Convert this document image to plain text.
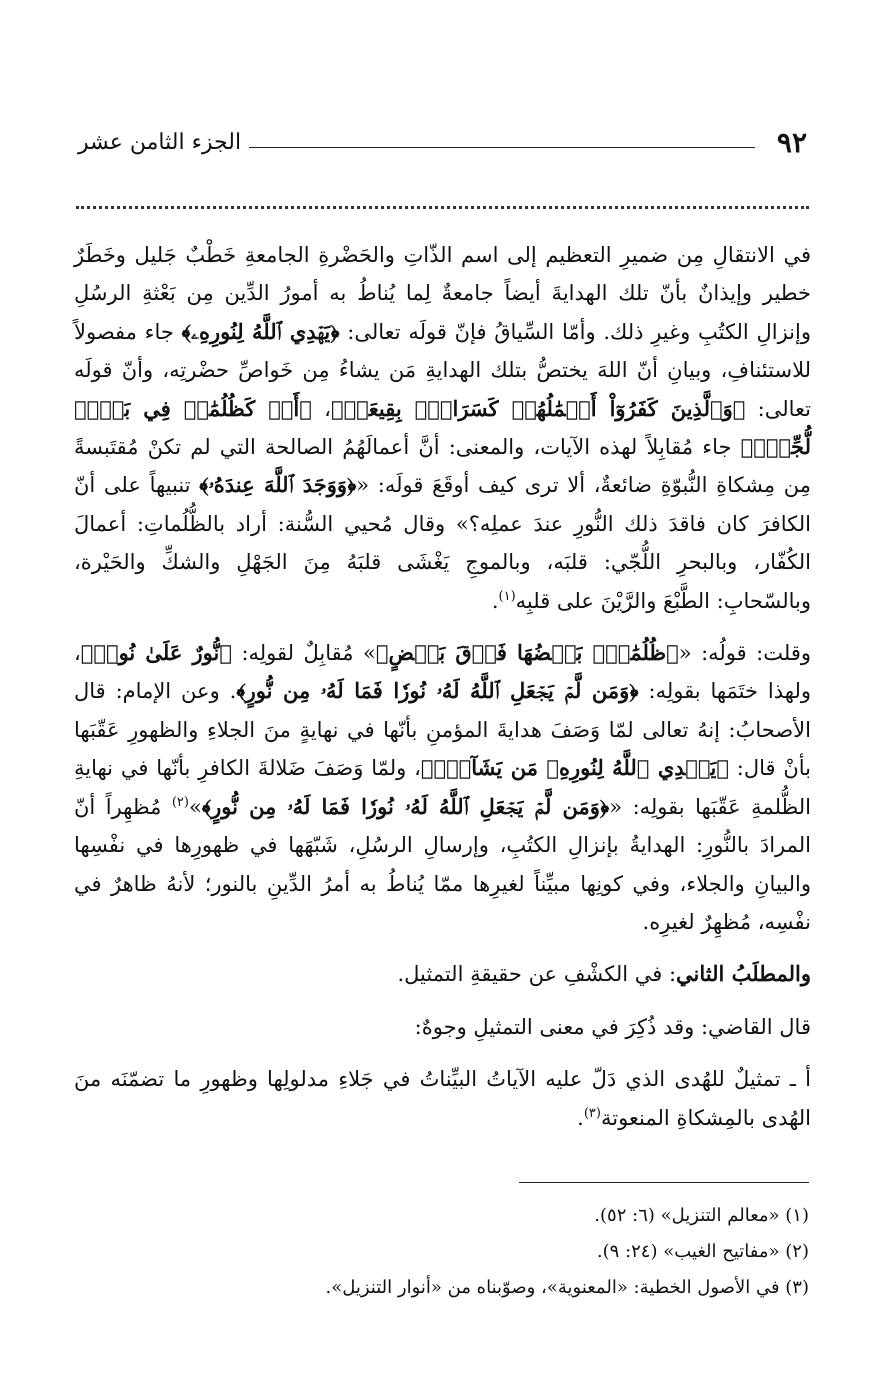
٩٢
الجزء الثامن عشر

في الانتقالِ مِن ضميرِ التعظيم إلى اسم الذّاتِ والحَضْرةِ الجامعةِ خَطْبٌ جَليل وخَطَرٌ خطير وإيذانٌ بأنّ تلك الهدايةَ أيضاً جامعةٌ لِما يُناطُ به أمورُ الدِّين مِن بَعْثةِ الرسُلِ وإنزالِ الكتُبِ وغيرِ ذلك. وأمّا السِّياقُ فإنّ قولَه تعالى: ﴿يَهۡدِي ٱللَّهُ لِنُورِهِۦ﴾ جاء مفصولاً للاستئنافِ، وبيانِ أنّ اللهَ يختصُّ بتلك الهدايةِ مَن يشاءُ مِن خَواصِّ حضْرتِه، وأنّ قولَه تعالى: ﴿وَٱلَّذِينَ كَفَرُوٓاْ أَعۡمَٰلُهُمۡ كَسَرَابِۭ بِقِيعَةٖ﴾، ﴿أَوۡ كَظُلُمَٰتٖ فِي بَحۡرٖ لُّجِّيّٖ﴾ جاء مُقابِلاً لهذه الآيات، والمعنى: أنَّ أعمالَهُمُ الصالحة التي لم تكنْ مُقتَبسةً مِن مِشكاةِ النُّبوّةِ ضائعةٌ، ألا ترى كيف أوقَعَ قولَه: «﴿وَوَجَدَ ٱللَّهَ عِندَهُۥ﴾ تنبيهاً على أنّ الكافرَ كان فاقدَ ذلك النُّورِ عندَ عملِه؟» وقال مُحيي السُّنة: أراد بالظُّلُماتِ: أعمالَ الكُفّار، وبالبحرِ اللُّجّي: قلبَه، وبالموجِ يَغْشَى قلبَهُ مِنَ الجَهْلِ والشكِّ والحَيْرة، وبالسّحابِ: الطَّبْعَ والرَّيْنَ على قلبِه$^{(١)}$.

وقلت: قولُه: «﴿ظُلُمَٰتُۢ بَعۡضُهَا فَوۡقَ بَعۡضٍ﴾» مُقابِلٌ لقولِه: ﴿نُّورٌ عَلَىٰ نُورٖ﴾، ولهذا ختَمَها بقولِه: ﴿وَمَن لَّمۡ يَجۡعَلِ ٱللَّهُ لَهُۥ نُورٗا فَمَا لَهُۥ مِن نُّورٍ﴾. وعن الإمام: قال الأصحابُ: إنهُ تعالى لمّا وَصَفَ هدايةَ المؤمنِ بأنّها في نهايةٍ منَ الجلاءِ والظهورِ عَقّبَها بأنْ قال: ﴿يَهۡدِي ٱللَّهُ لِنُورِهِۦ مَن يَشَآءُۚ﴾، ولمّا وَصَفَ ضَلالةَ الكافرِ بأنّها في نهايةِ الظُّلمةِ عَقّبَها بقولِه: «﴿وَمَن لَّمۡ يَجۡعَلِ ٱللَّهُ لَهُۥ نُورٗا فَمَا لَهُۥ مِن نُّورٍ﴾»$^{(٢)}$ مُظهِراً أنّ المرادَ بالنُّورِ: الهدايةُ بإنزالِ الكتُبِ، وإرسالِ الرسُلِ، شَبّهَها في ظهورِها في نفْسِها والبيانِ والجلاء، وفي كونِها مبيِّناً لغيرِها ممّا يُناطُ به أمرُ الدِّينِ بالنور؛ لأنهُ ظاهرٌ في نفْسِه، مُظهِرٌ لغيرِه.

والمطلَبُ الثاني: في الكشْفِ عن حقيقةِ التمثيل.

قال القاضي: وقد ذُكِرَ في معنى التمثيلِ وجوهٌ:

أ ـ تمثيلٌ للهُدى الذي دَلّ عليه الآياتُ البيِّناتُ في جَلاءِ مدلولِها وظهورِ ما تضمّنَه منَ الهُدى بالمِشكاةِ المنعوتة$^{(٣)}$.

(١) «معالم التنزيل» (٦: ٥٢).
(٢) «مفاتيح الغيب» (٢٤: ٩).
(٣) في الأصول الخطية: «المعنوية»، وصوّبناه من «أنوار التنزيل».
